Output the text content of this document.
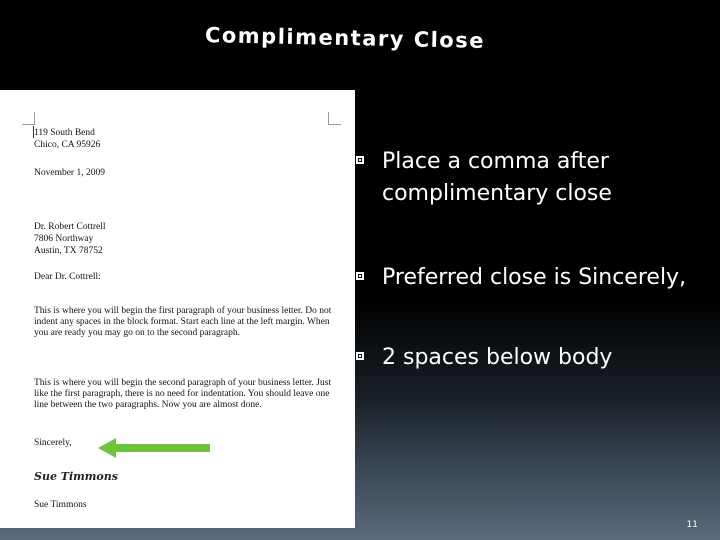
Complimentary Close

119 South Bend

Chico, CA 95926

November 1, 2009

Dr. Robert Cottrell

7806 Northway

Austin, TX 78752

Dear Dr. Cottrell:

This is where you will begin the first paragraph of your business letter. Do not indent any spaces in the block format. Start each line at the left margin. When you are ready you may go on to the second paragraph.

This is where you will begin the second paragraph of your business letter. Just like the first paragraph, there is no need for indentation. You should leave one line between the two paragraphs. Now you are almost done.

Sincerely,

Sue Timmons

Sue Timmons

Place a comma after complimentary close
Preferred close is Sincerely,
2 spaces below body
11
